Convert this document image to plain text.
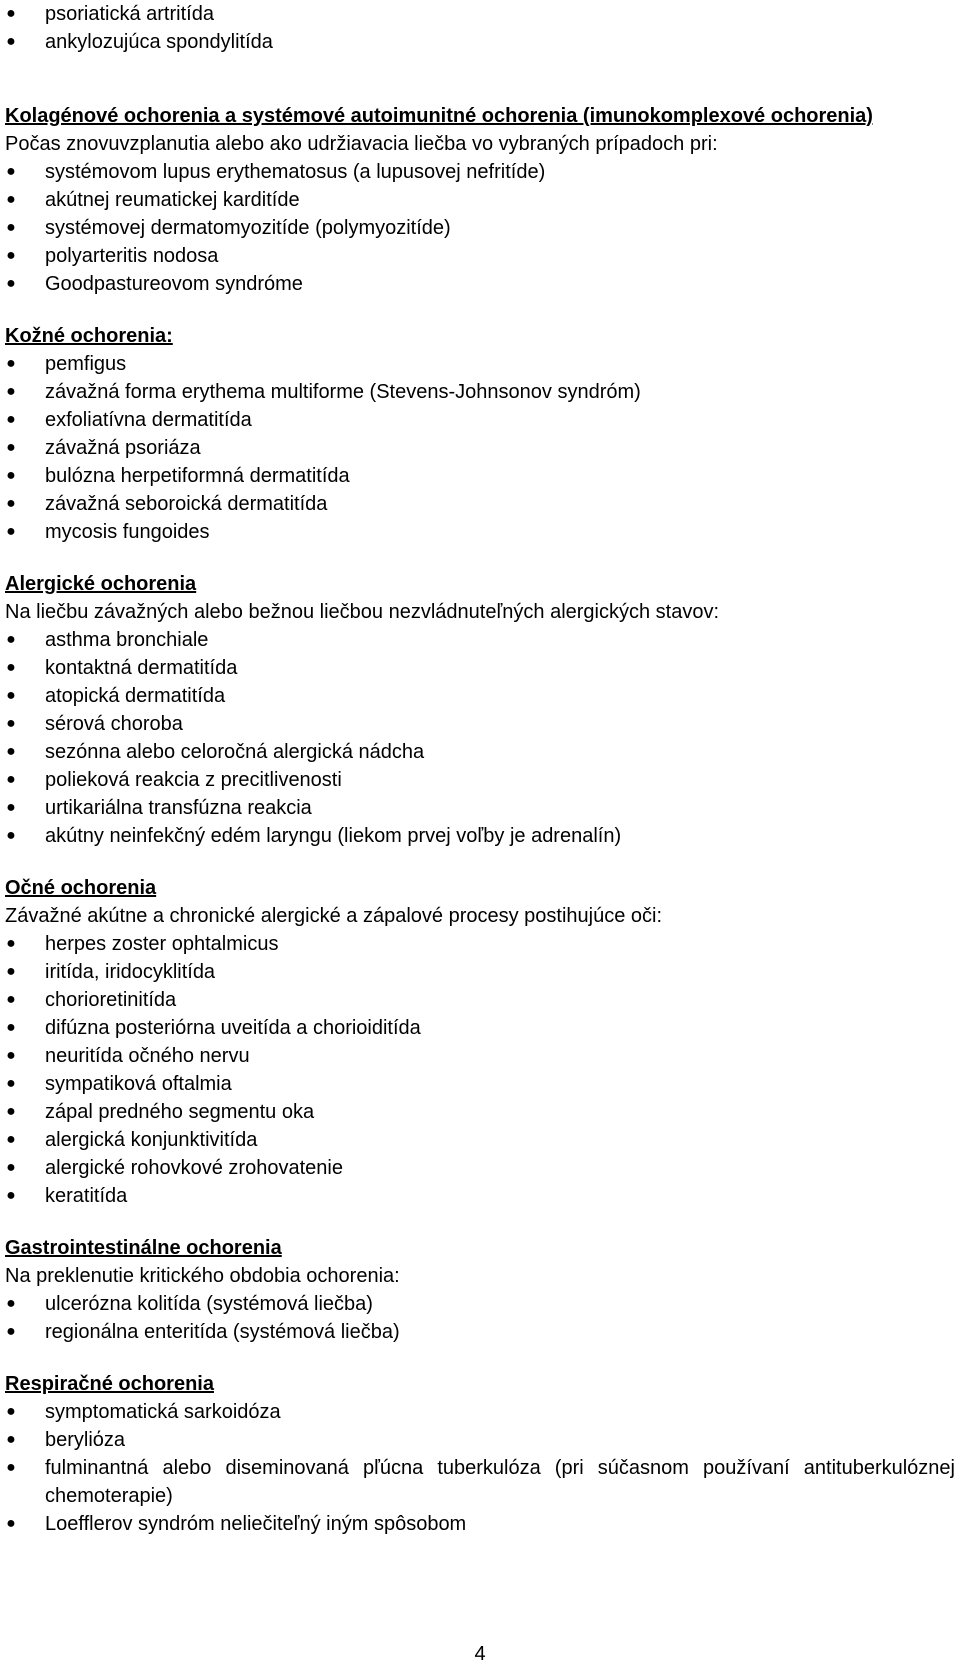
● psoriatická artritída
● ankylozujúca spondylitída
Kolagénové ochorenia a systémové autoimunitné ochorenia (imunokomplexové ochorenia)
Počas znovuvzplanutia alebo ako udržiavacia liečba vo vybraných prípadoch pri:
● systémovom lupus erythematosus (a lupusovej nefritíde)
● akútnej reumatickej karditíde
● systémovej dermatomyozitíde (polymyozitíde)
● polyarteritis nodosa
● Goodpastureovom syndróme
Kožné ochorenia:
● pemfigus
● závažná forma erythema multiforme (Stevens-Johnsonov syndróm)
● exfoliatívna dermatitída
● závažná psoriáza
● bulózna herpetiformná dermatitída
● závažná seboroická dermatitída
● mycosis fungoides
Alergické ochorenia
Na liečbu závažných alebo bežnou liečbou nezvládnuteľných alergických stavov:
● asthma bronchiale
● kontaktná dermatitída
● atopická dermatitída
● sérová choroba
● sezónna alebo celoročná alergická nádcha
● polieková reakcia z precitlivenosti
● urtikariálna transfúzna reakcia
● akútny neinfekčný edém laryngu (liekom prvej voľby je adrenalín)
Očné ochorenia
Závažné akútne a chronické alergické a zápalové procesy postihujúce oči:
● herpes zoster ophtalmicus
● iritída, iridocyklitída
● chorioretinitída
● difúzna posteriórna uveitída a chorioiditída
● neuritída očného nervu
● sympatiková oftalmia
● zápal predného segmentu oka
● alergická konjunktivitída
● alergické rohovkové zrohovatenie
● keratitída
Gastrointestinálne ochorenia
Na preklenutie kritického obdobia ochorenia:
● ulcerózna kolitída (systémová liečba)
● regionálna enteritída (systémová liečba)
Respiračné ochorenia
● symptomatická sarkoidóza
● beryliόza
● fulminantná alebo diseminovaná pľúcna tuberkulóza (pri súčasnom používaní antituberkulóznej chemoterapie)
● Loefflerov syndróm neliečiteľný iným spôsobom
4
